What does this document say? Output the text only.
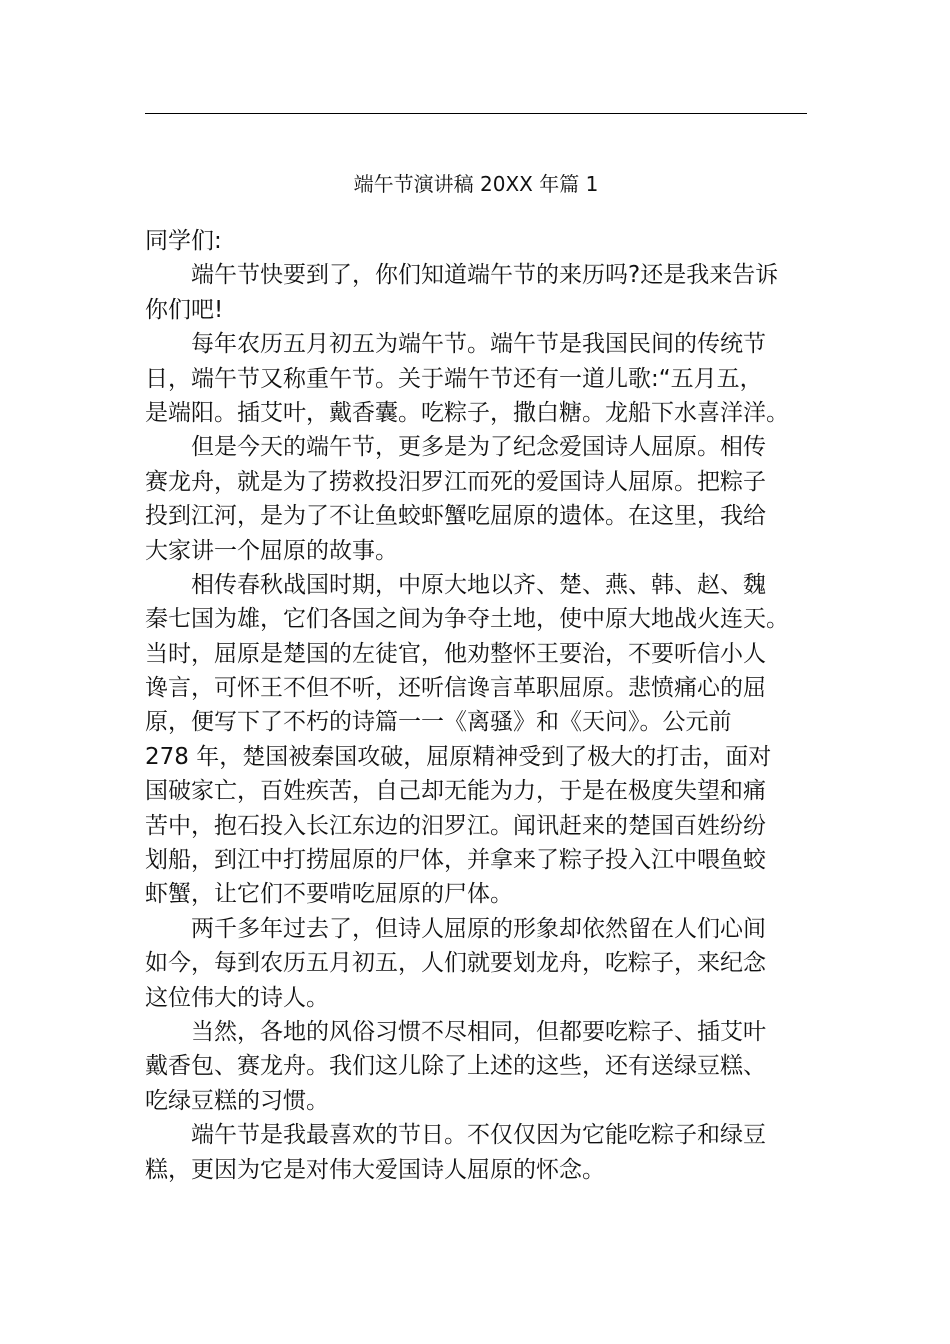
端午节演讲稿 20XX 年篇 1
同学们:
端午节快要到了，你们知道端午节的来历吗?还是我来告诉
你们吧!
每年农历五月初五为端午节。端午节是我国民间的传统节
日，端午节又称重午节。关于端午节还有一道儿歌:“五月五，
是端阳。插艾叶，戴香囊。吃粽子，撒白糖。龙船下水喜洋洋。
但是今天的端午节，更多是为了纪念爱国诗人屈原。相传
赛龙舟，就是为了捞救投汨罗江而死的爱国诗人屈原。把粽子
投到江河，是为了不让鱼蛟虾蟹吃屈原的遗体。在这里，我给
大家讲一个屈原的故事。
相传春秋战国时期，中原大地以齐、楚、燕、韩、赵、魏
秦七国为雄，它们各国之间为争夺土地，使中原大地战火连天。
当时，屈原是楚国的左徒官，他劝整怀王要治，不要听信小人
谗言，可怀王不但不听，还听信谗言革职屈原。悲愤痛心的屈
原，便写下了不朽的诗篇一一《离骚》和《天问》。公元前
278 年，楚国被秦国攻破，屈原精神受到了极大的打击，面对
国破家亡，百姓疾苦，自己却无能为力，于是在极度失望和痛
苦中，抱石投入长江东边的汨罗江。闻讯赶来的楚国百姓纷纷
划船，到江中打捞屈原的尸体，并拿来了粽子投入江中喂鱼蛟
虾蟹，让它们不要啃吃屈原的尸体。
两千多年过去了，但诗人屈原的形象却依然留在人们心间
如今，每到农历五月初五，人们就要划龙舟，吃粽子，来纪念
这位伟大的诗人。
当然，各地的风俗习惯不尽相同，但都要吃粽子、插艾叶
戴香包、赛龙舟。我们这儿除了上述的这些，还有送绿豆糕、
吃绿豆糕的习惯。
端午节是我最喜欢的节日。不仅仅因为它能吃粽子和绿豆
糕，更因为它是对伟大爱国诗人屈原的怀念。
